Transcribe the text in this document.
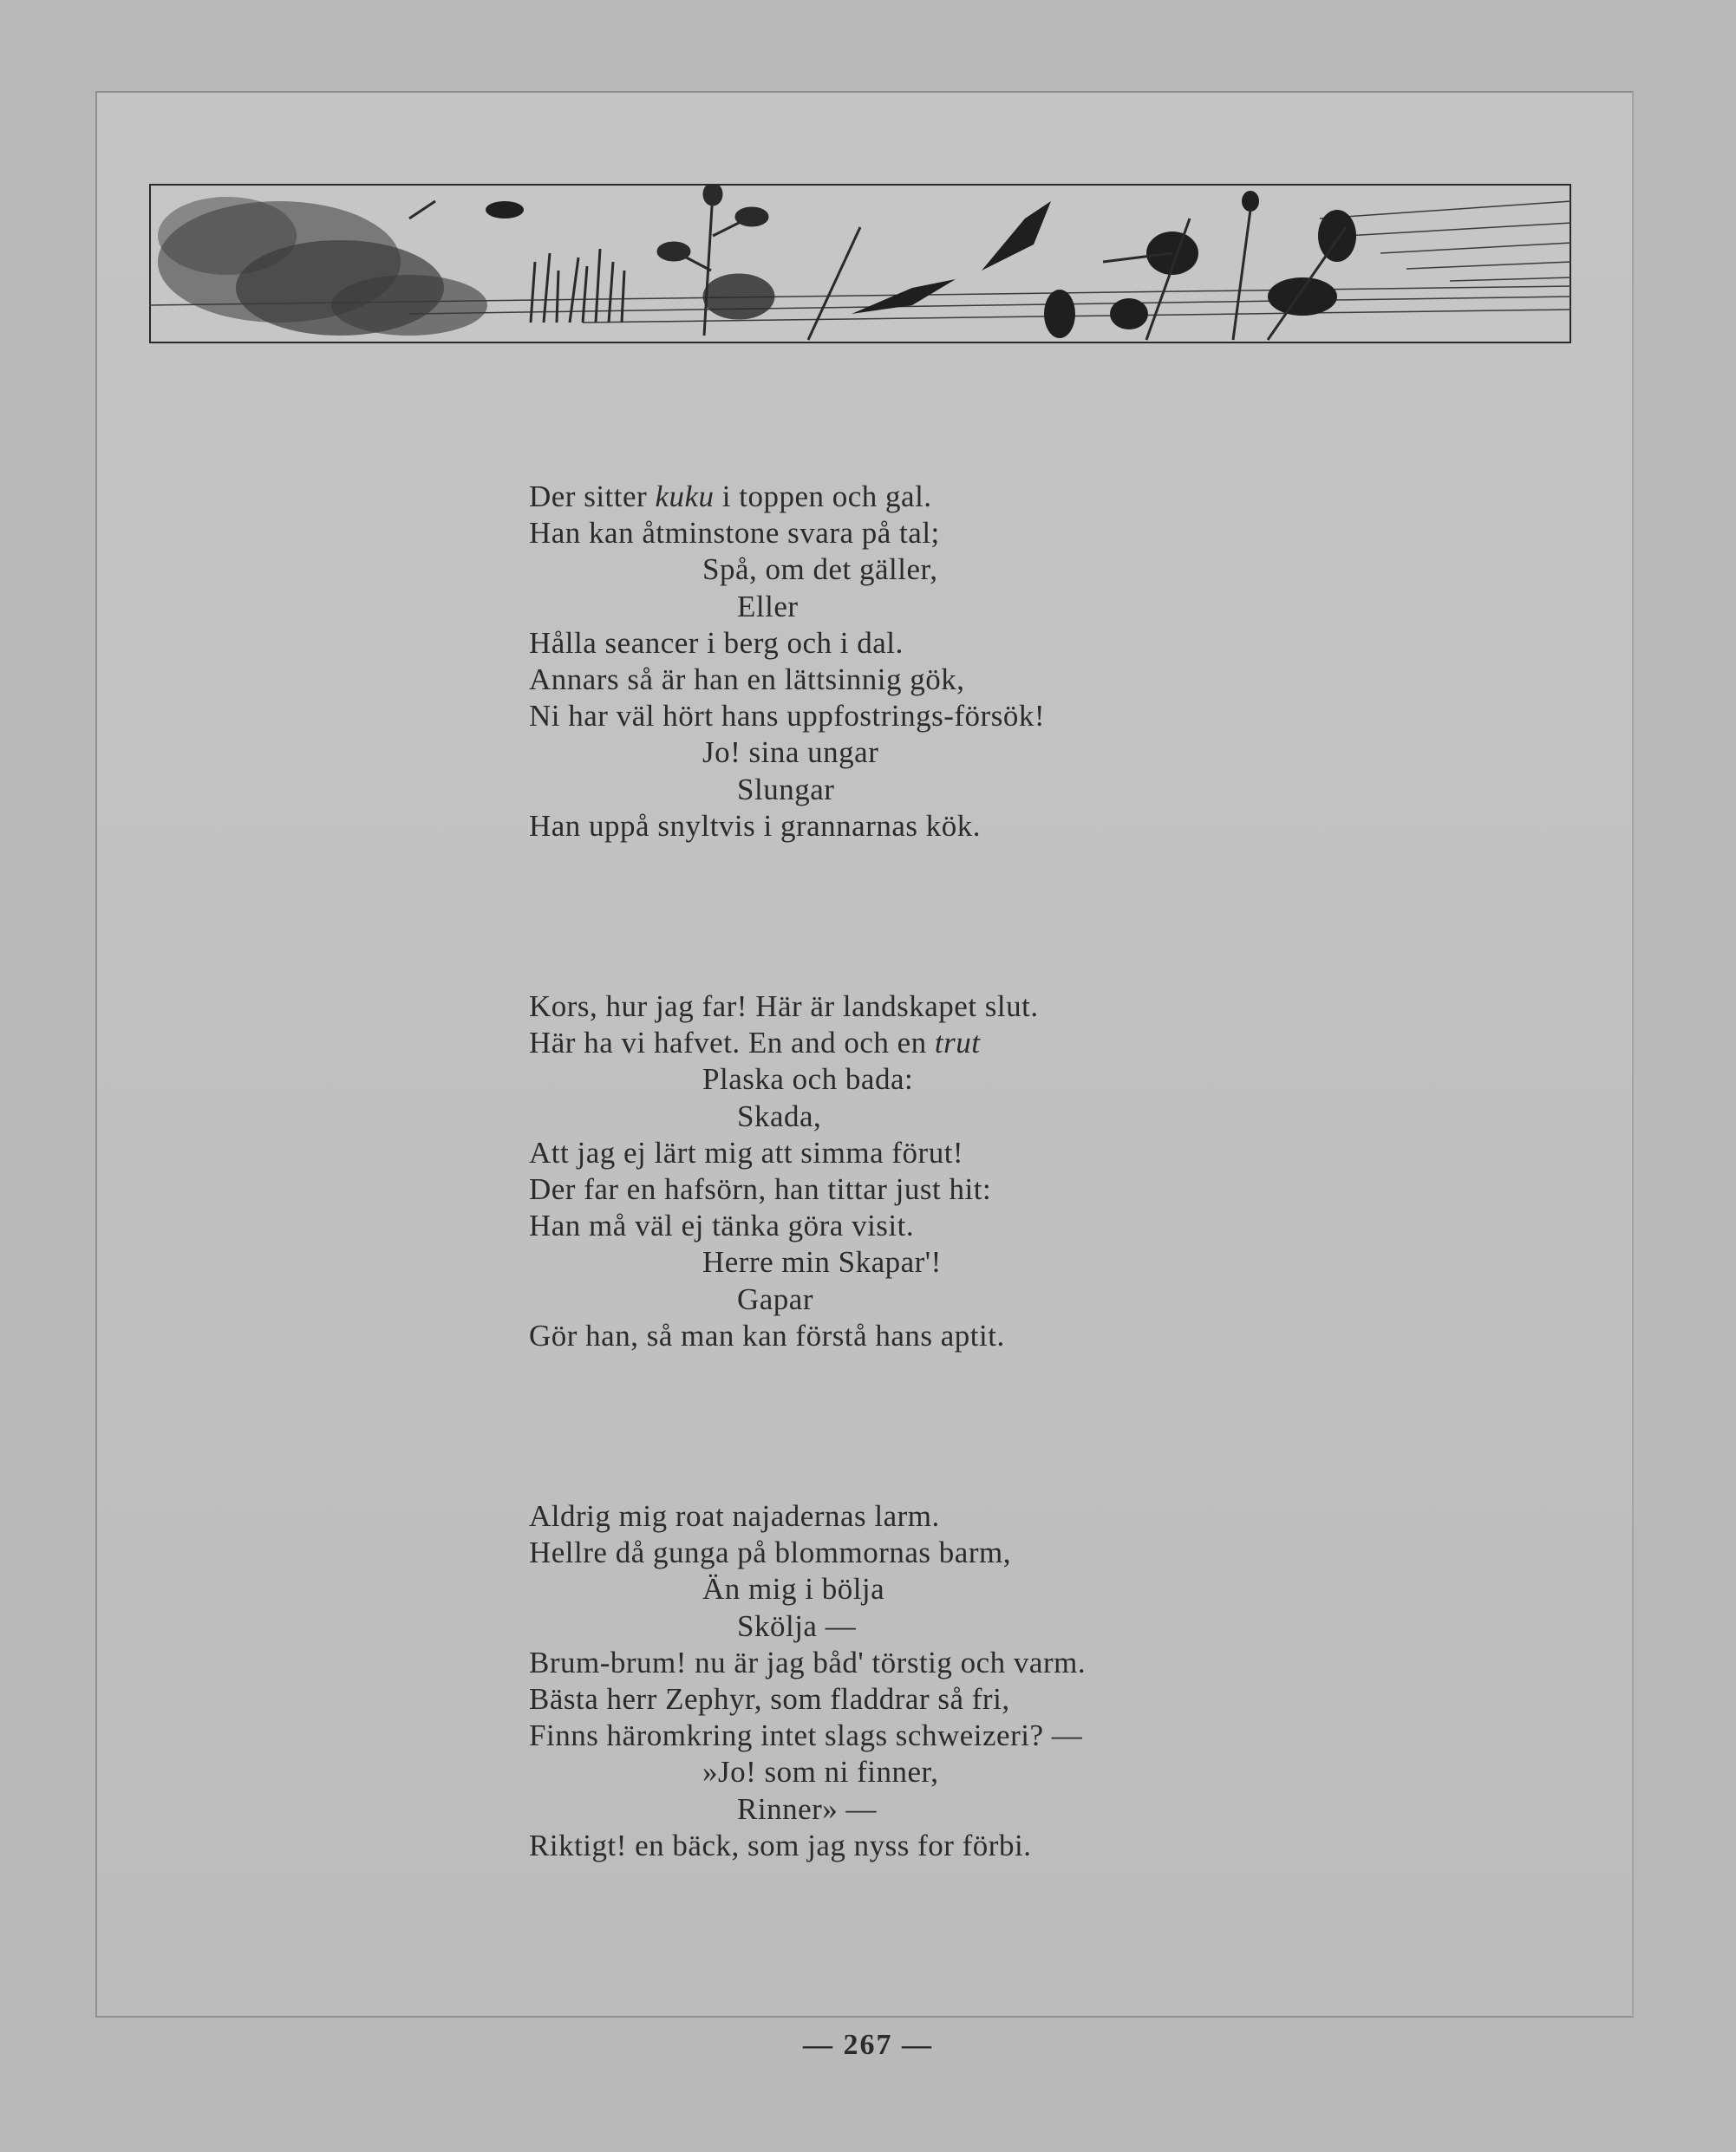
Der sitter kuku i toppen och gal.
Han kan åtminstone svara på tal;
Spå, om det gäller,
Eller
Hålla seancer i berg och i dal.
Annars så är han en lättsinnig gök,
Ni har väl hört hans uppfostrings-försök!
Jo! sina ungar
Slungar
Han uppå snyltvis i grannarnas kök.
Kors, hur jag far! Här är landskapet slut.
Här ha vi hafvet. En and och en trut
Plaska och bada:
Skada,
Att jag ej lärt mig att simma förut!
Der far en hafsörn, han tittar just hit:
Han må väl ej tänka göra visit.
Herre min Skapar'!
Gapar
Gör han, så man kan förstå hans aptit.
Aldrig mig roat najadernas larm.
Hellre då gunga på blommornas barm,
Än mig i bölja
Skölja —
Brum-brum! nu är jag båd' törstig och varm.
Bästa herr Zephyr, som fladdrar så fri,
Finns häromkring intet slags schweizeri? —
»Jo! som ni finner,
Rinner» —
Riktigt! en bäck, som jag nyss for förbi.
— 267 —
